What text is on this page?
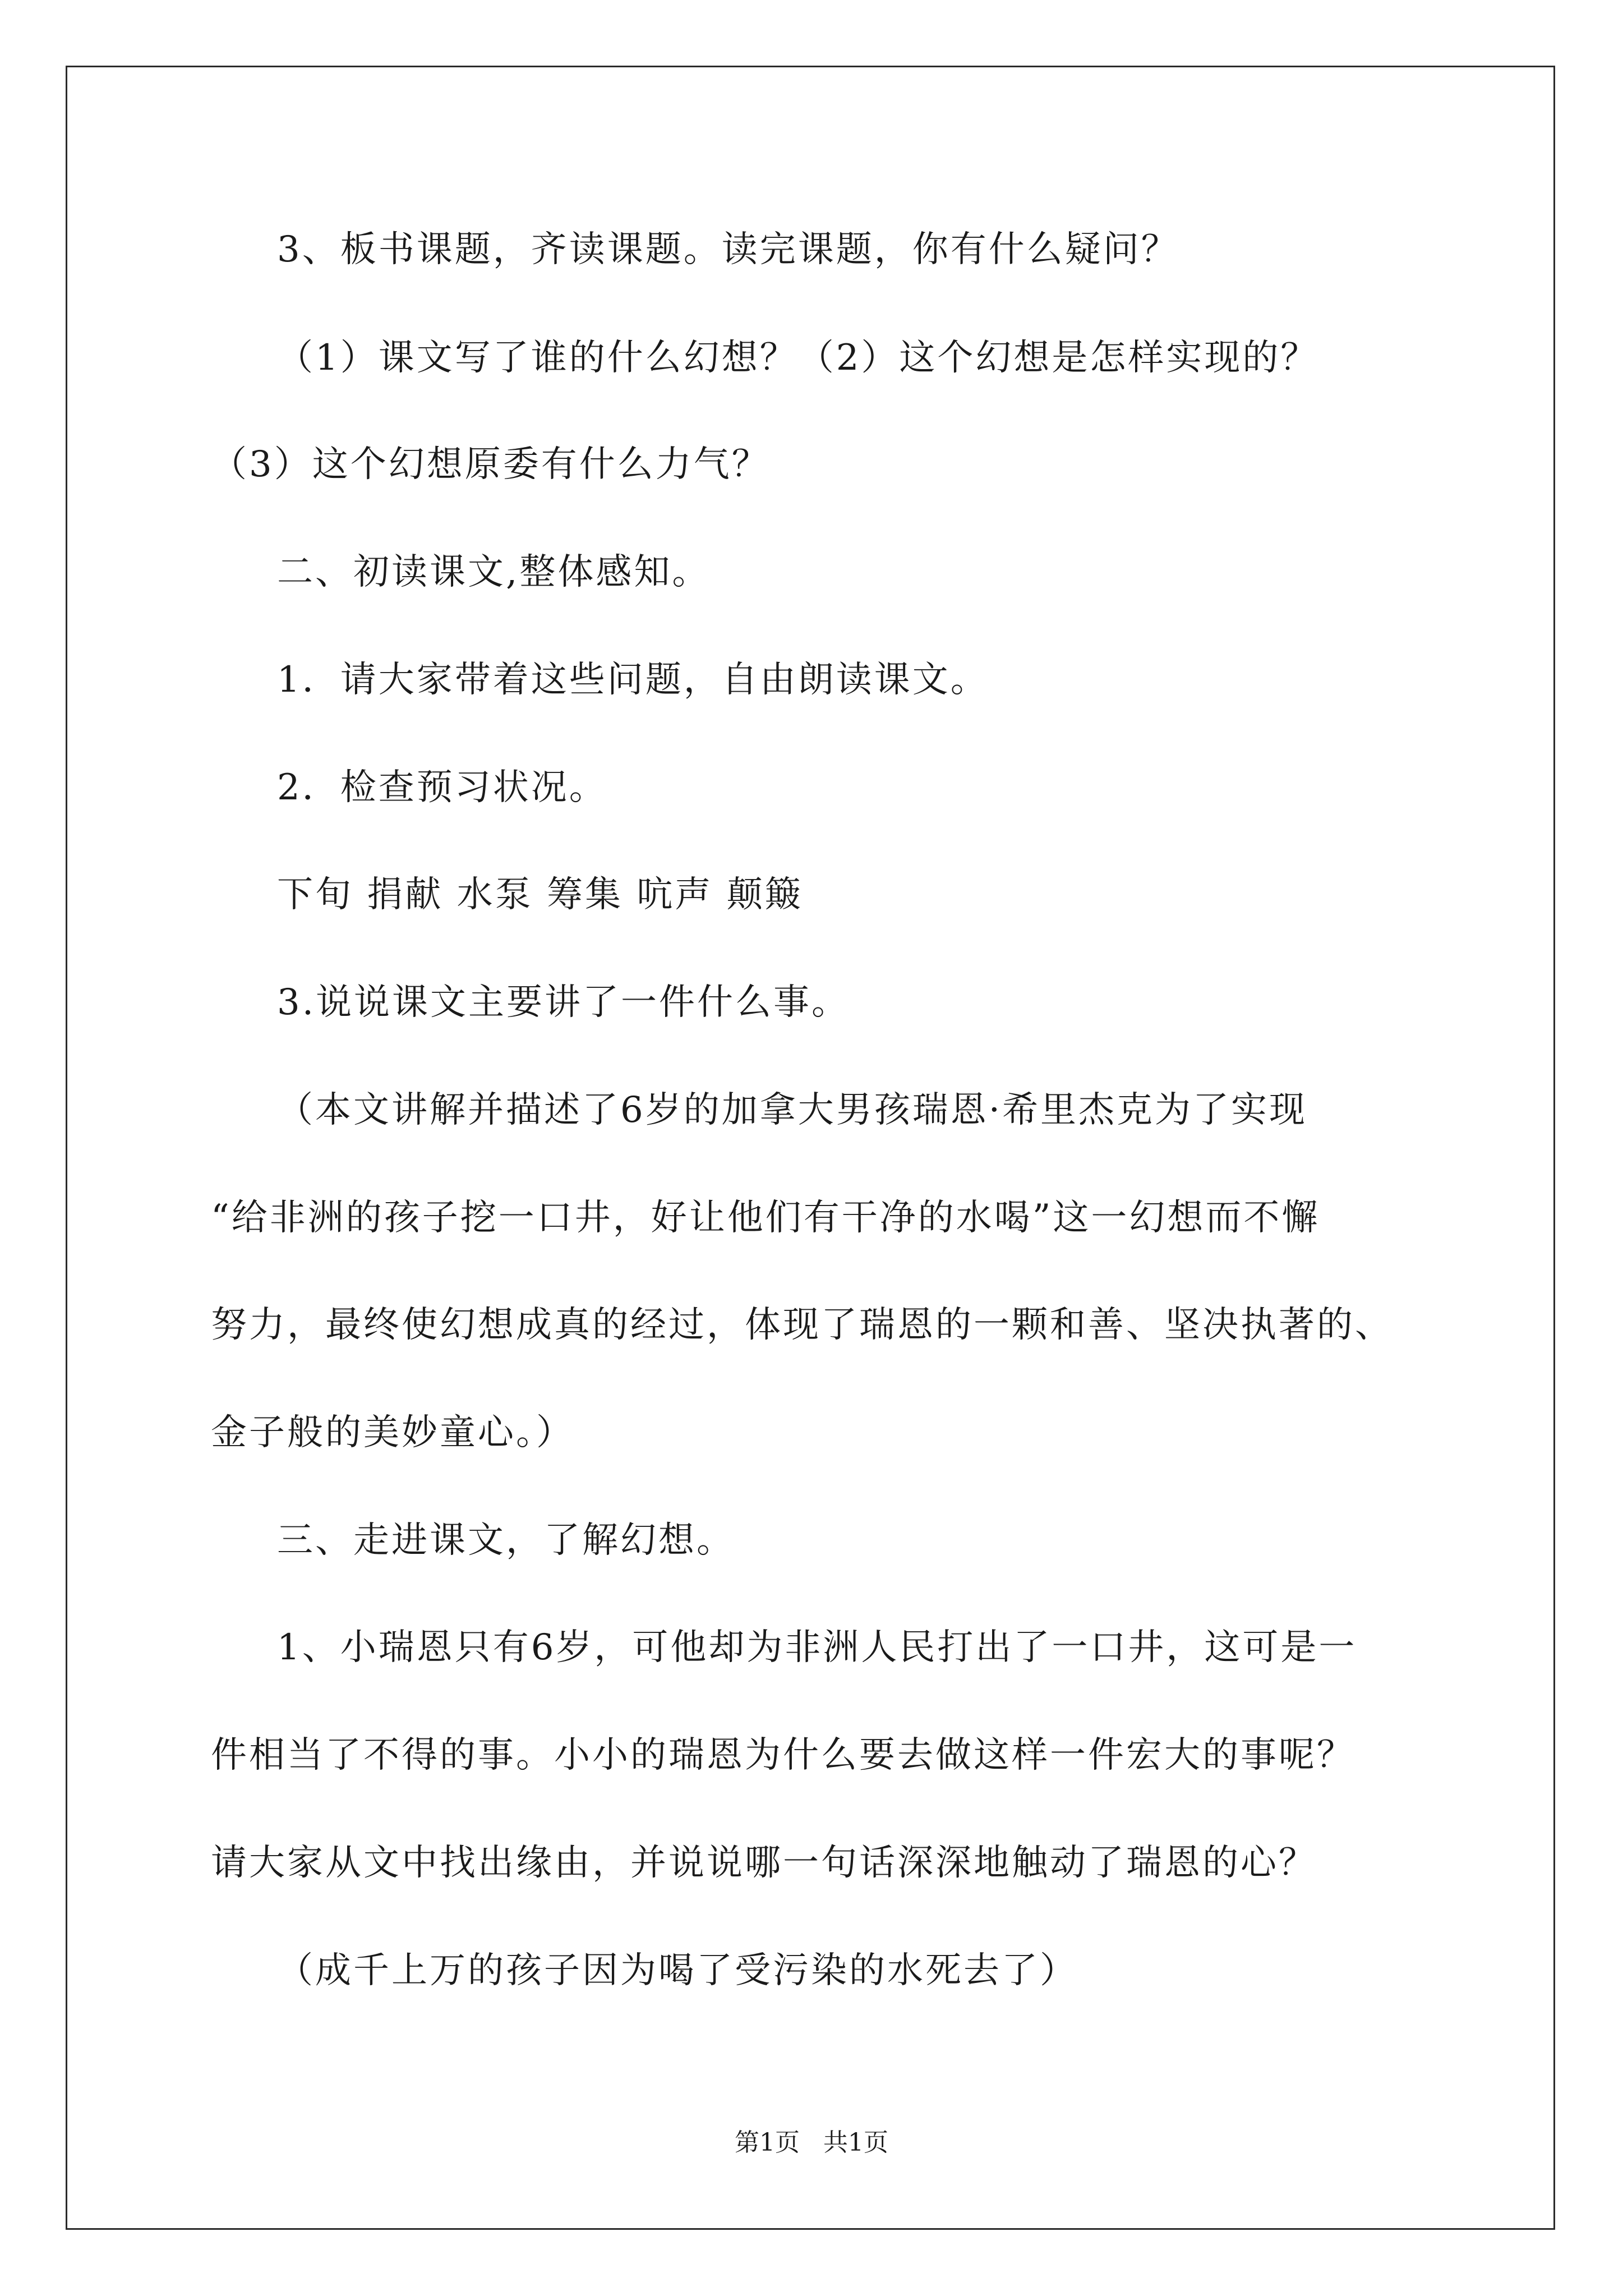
3、板书课题，齐读课题。读完课题，你有什么疑问？
（1）课文写了谁的什么幻想？（2）这个幻想是怎样实现的？
（3）这个幻想原委有什么力气？
二、初读课文,整体感知。
1．请大家带着这些问题，自由朗读课文。
2．检查预习状况。
下旬 捐献 水泵 筹集 吭声 颠簸
3.说说课文主要讲了一件什么事。
（本文讲解并描述了6岁的加拿大男孩瑞恩·希里杰克为了实现
“给非洲的孩子挖一口井，好让他们有干净的水喝”这一幻想而不懈
努力，最终使幻想成真的经过，体现了瑞恩的一颗和善、坚决执著的、
金子般的美妙童心。）
三、走进课文，了解幻想。
1、小瑞恩只有6岁，可他却为非洲人民打出了一口井，这可是一
件相当了不得的事。小小的瑞恩为什么要去做这样一件宏大的事呢？
请大家从文中找出缘由，并说说哪一句话深深地触动了瑞恩的心？
（成千上万的孩子因为喝了受污染的水死去了）
第1页   共1页
